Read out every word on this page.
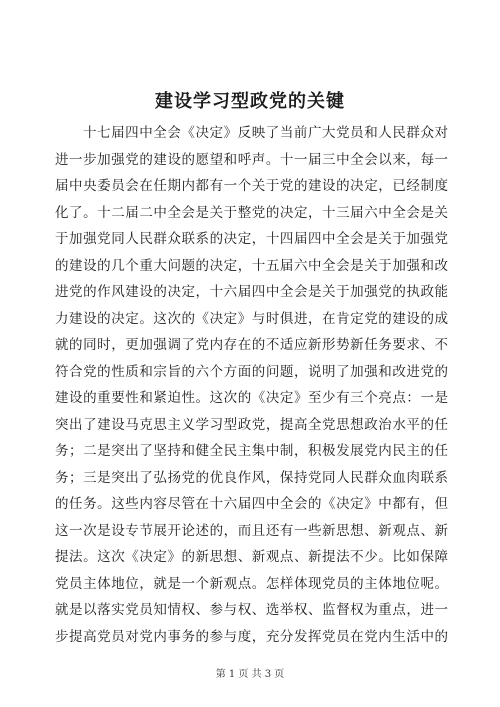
建设学习型政党的关键
十七届四中全会《决定》反映了当前广大党员和人民群众对
进一步加强党的建设的愿望和呼声。十一届三中全会以来，每一
届中央委员会在任期内都有一个关于党的建设的决定，已经制度
化了。十二届二中全会是关于整党的决定，十三届六中全会是关
于加强党同人民群众联系的决定，十四届四中全会是关于加强党
的建设的几个重大问题的决定，十五届六中全会是关于加强和改
进党的作风建设的决定，十六届四中全会是关于加强党的执政能
力建设的决定。这次的《决定》与时俱进，在肯定党的建设的成
就的同时，更加强调了党内存在的不适应新形势新任务要求、不
符合党的性质和宗旨的六个方面的问题，说明了加强和改进党的
建设的重要性和紧迫性。这次的《决定》至少有三个亮点：一是
突出了建设马克思主义学习型政党，提高全党思想政治水平的任
务；二是突出了坚持和健全民主集中制，积极发展党内民主的任
务；三是突出了弘扬党的优良作风，保持党同人民群众血肉联系
的任务。这些内容尽管在十六届四中全会的《决定》中都有，但
这一次是设专节展开论述的，而且还有一些新思想、新观点、新
提法。这次《决定》的新思想、新观点、新提法不少。比如保障
党员主体地位，就是一个新观点。怎样体现党员的主体地位呢。
就是以落实党员知情权、参与权、选举权、监督权为重点，进一
步提高党员对党内事务的参与度，充分发挥党员在党内生活中的
第 1 页 共 3 页
